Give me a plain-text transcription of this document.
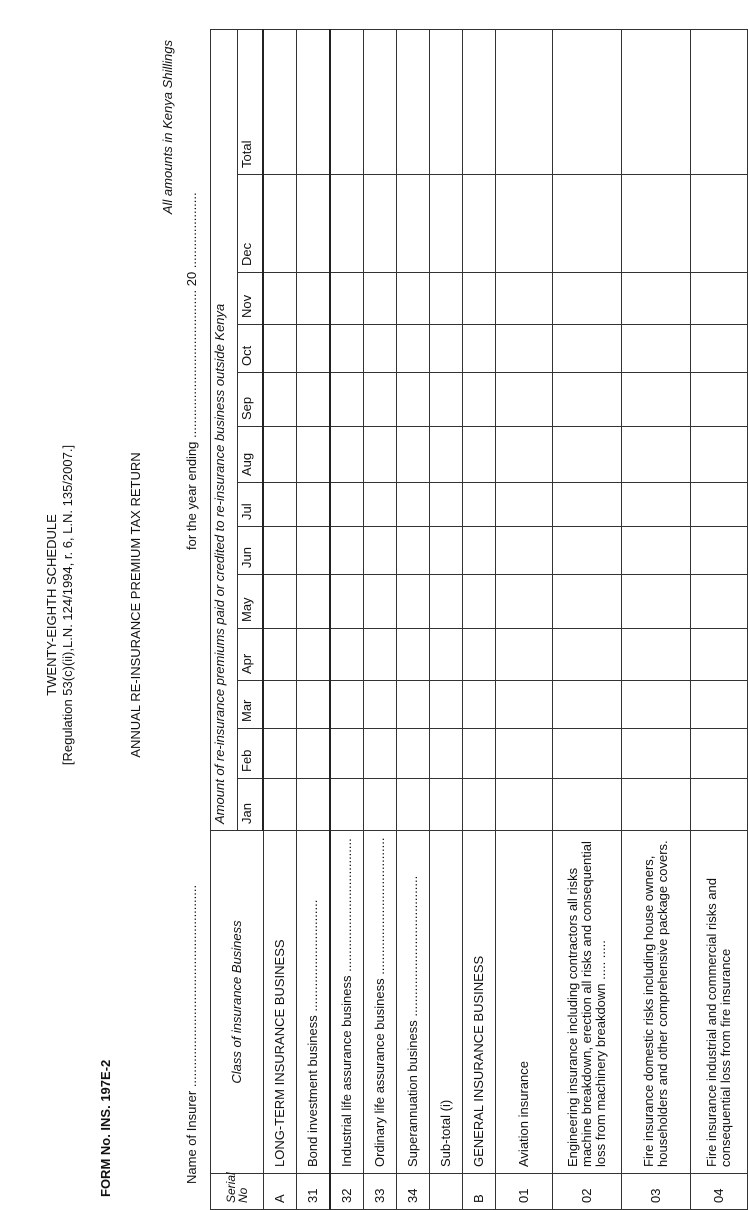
TWENTY-EIGHTH SCHEDULE [Regulation 53(c)(ii),L.N. 124/1994, r. 6, L.N. 135/2007.]
FORM No. INS. 197E-2
ANNUAL RE-INSURANCE PREMIUM TAX RETURN
Name of Insurer ........................................................
for the year ending ......................................... 20 .....................
All amounts in Kenya Shillings
Serial No	Class of insurance Business	Amount of re-insurance premiums paid or credited to re-insurance business outside Kenya												
		Jan	Feb	Mar	Apr	May	Jun	Jul	Aug	Sep	Oct	Nov	Dec	Total
A	LONG-TERM INSURANCE BUSINESS													
31	Bond investment business ...............................													
32	Industrial life assurance business .....................................													
33	Ordinary life assurance business ......................................													
34	Superannuation business .......................................													
	Sub-total (i)													
B	GENERAL INSURANCE BUSINESS													
01	Aviation insurance													
02	Engineering insurance including contractors all risks machine breakdown, erection all risks and consequential loss from machinery breakdown ..... .....													
03	Fire insurance domestic risks including house owners, householders and other comprehensive package covers.													
04	Fire insurance industrial and commercial risks and consequential loss from fire insurance													
